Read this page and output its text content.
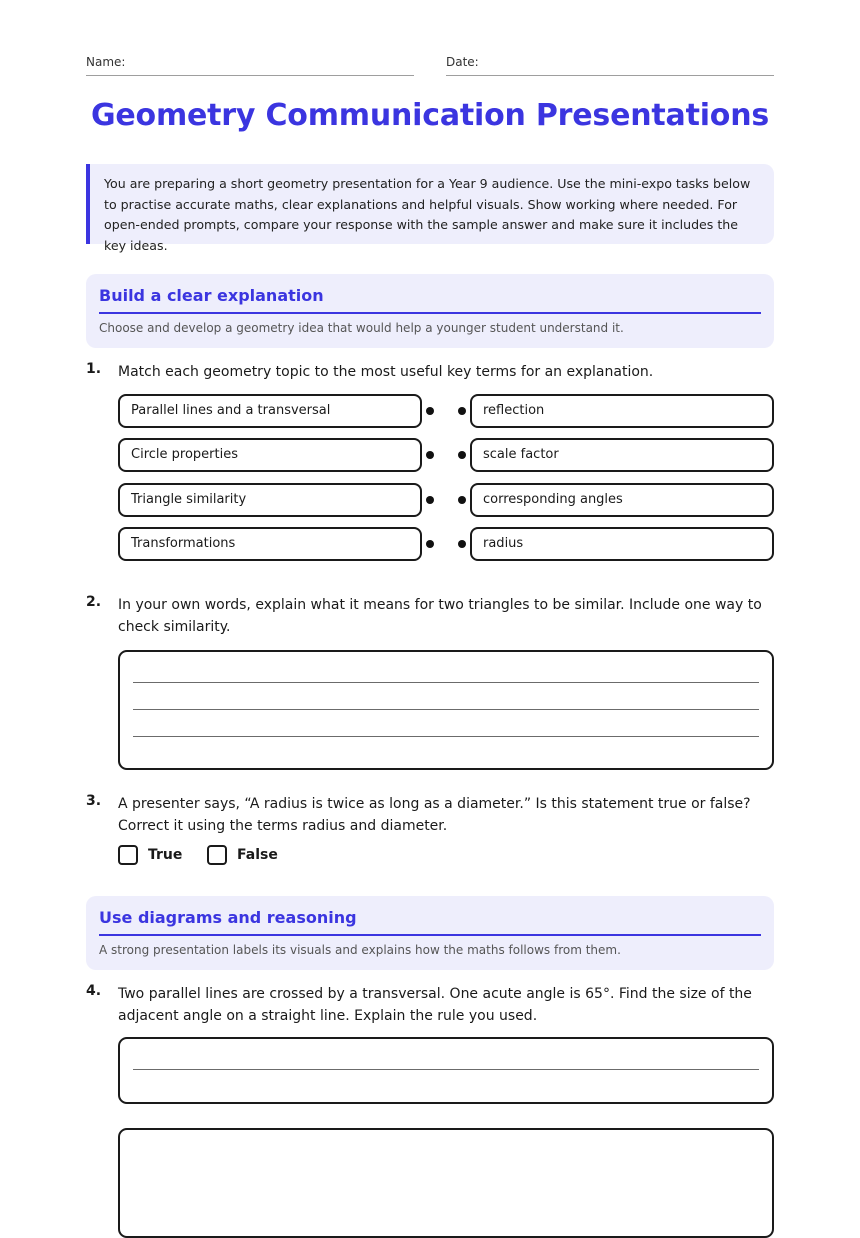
Name:	Date:
Geometry Communication Presentations
You are preparing a short geometry presentation for a Year 9 audience. Use the mini-expo tasks below to practise accurate maths, clear explanations and helpful visuals. Show working where needed. For open-ended prompts, compare your response with the sample answer and make sure it includes the key ideas.
Build a clear explanation
Choose and develop a geometry idea that would help a younger student understand it.
1. Match each geometry topic to the most useful key terms for an explanation.
Parallel lines and a transversal	reflection
Circle properties	scale factor
Triangle similarity	corresponding angles
Transformations	radius
2. In your own words, explain what it means for two triangles to be similar. Include one way to check similarity.
3. A presenter says, “A radius is twice as long as a diameter.” Is this statement true or false? Correct it using the terms radius and diameter.
True	False
Use diagrams and reasoning
A strong presentation labels its visuals and explains how the maths follows from them.
4. Two parallel lines are crossed by a transversal. One acute angle is 65°. Find the size of the adjacent angle on a straight line. Explain the rule you used.
